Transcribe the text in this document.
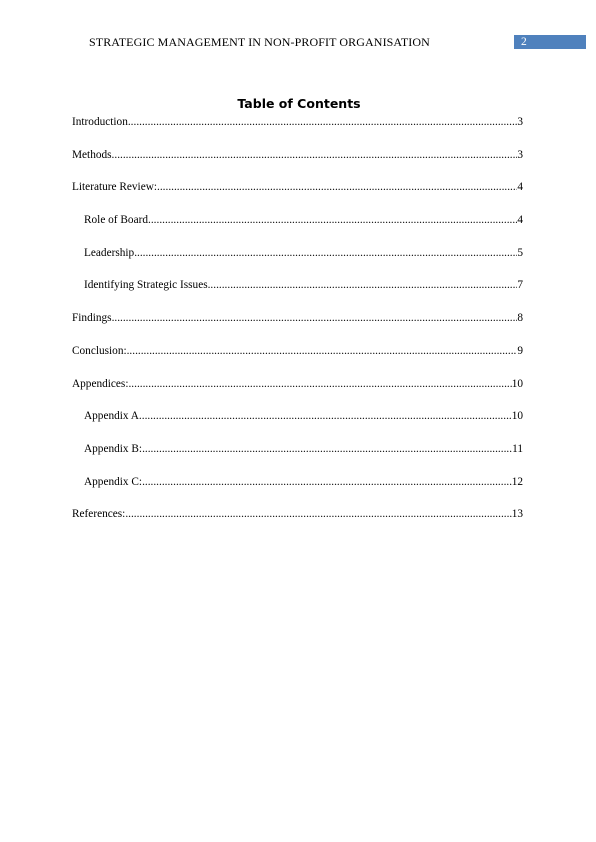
STRATEGIC MANAGEMENT IN NON-PROFIT ORGANISATION	2
Table of Contents
Introduction .....	3
Methods .....	3
Literature Review: .....	4
Role of Board .....	4
Leadership .....	5
Identifying Strategic Issues .....	7
Findings .....	8
Conclusion: .....	9
Appendices: .....	10
Appendix A .....	10
Appendix B: .....	11
Appendix C: .....	12
References: .....	13
